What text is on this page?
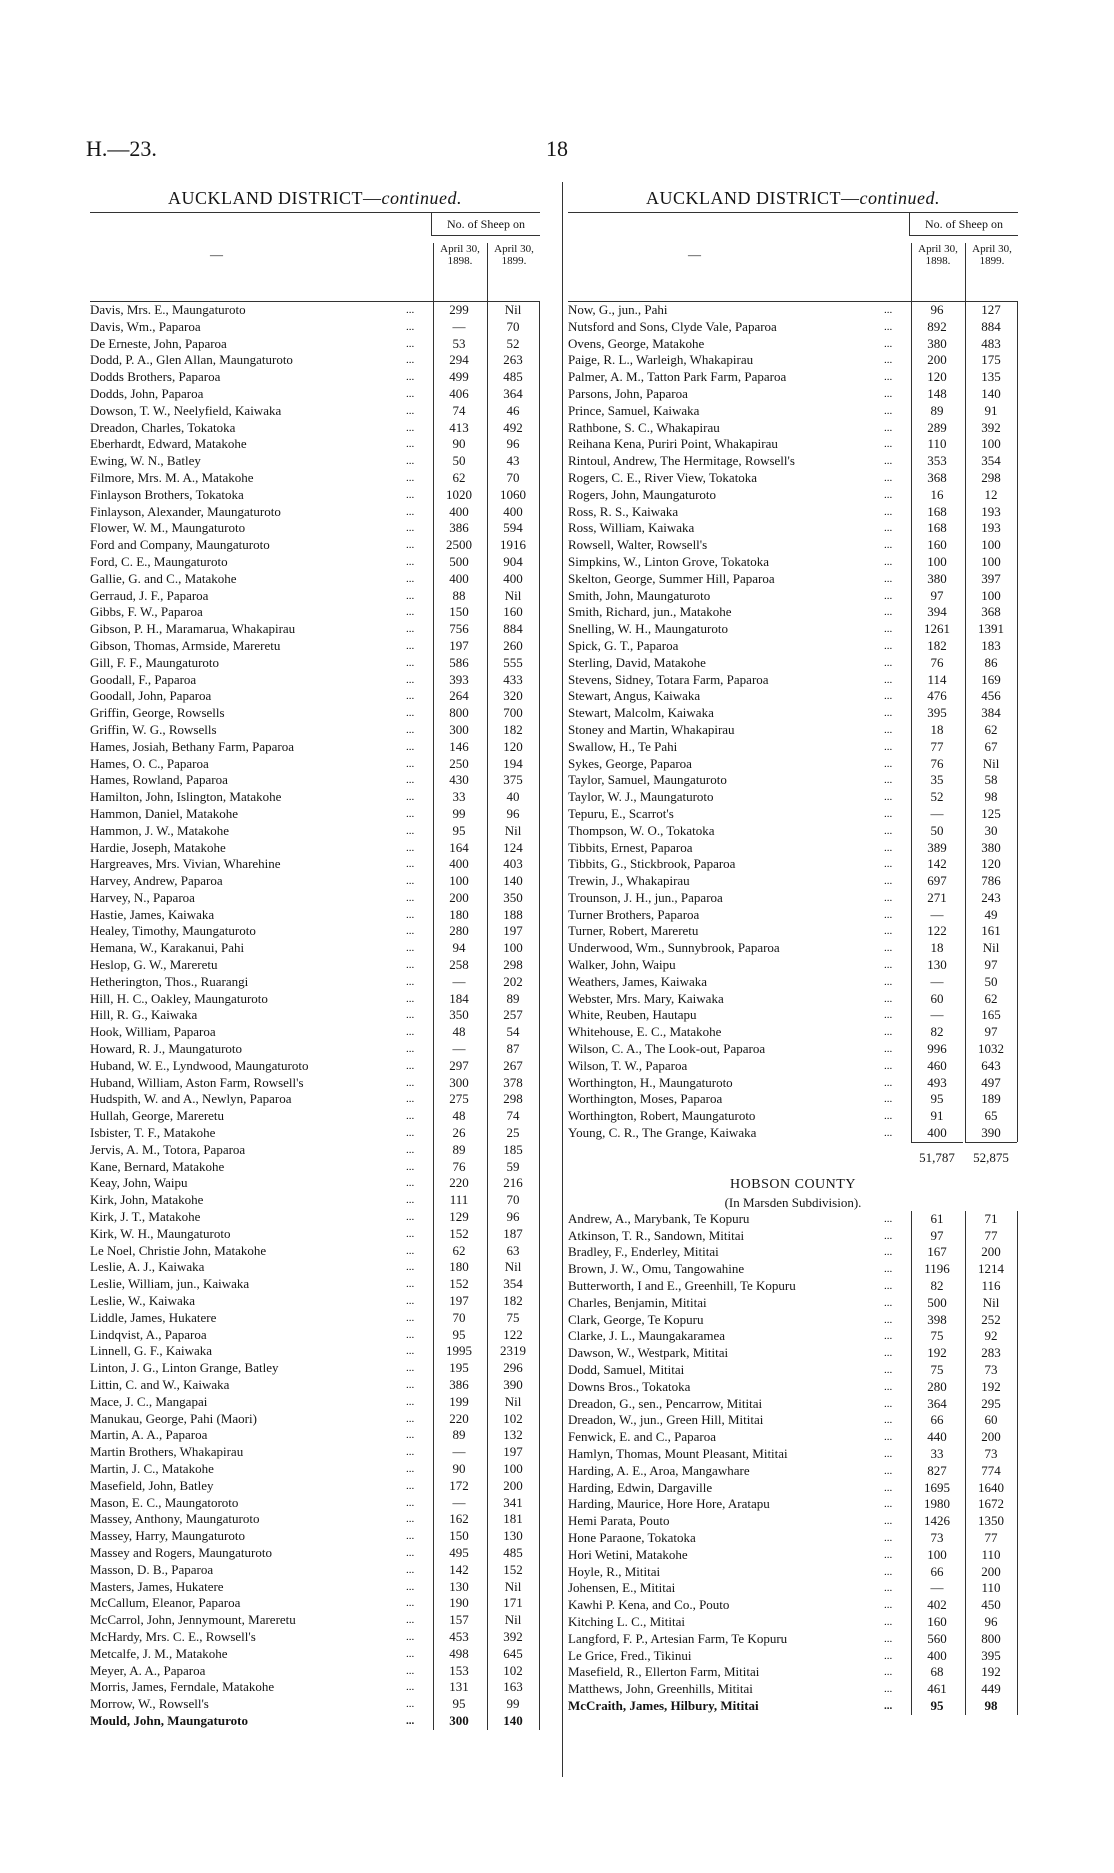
H.—23.	18
AUCKLAND DISTRICT—continued.
—
No. of Sheep on
April 30, 1898.
April 30, 1899.
Davis, Mrs. E., Maungaturoto	299	Nil
...
Davis, Wm., Paparoa	—	70
...
De Erneste, John, Paparoa	53	52
...
Dodd, P. A., Glen Allan, Maungaturoto	294	263
...
Dodds Brothers, Paparoa	499	485
...
Dodds, John, Paparoa	406	364
...
Dowson, T. W., Neelyfield, Kaiwaka	74	46
...
Dreadon, Charles, Tokatoka	413	492
...
Eberhardt, Edward, Matakohe	90	96
...
Ewing, W. N., Batley	50	43
...
Filmore, Mrs. M. A., Matakohe	62	70
...
Finlayson Brothers, Tokatoka	1020	1060
...
Finlayson, Alexander, Maungaturoto	400	400
...
Flower, W. M., Maungaturoto	386	594
...
Ford and Company, Maungaturoto	2500	1916
...
Ford, C. E., Maungaturoto	500	904
...
Gallie, G. and C., Matakohe	400	400
...
Gerraud, J. F., Paparoa	88	Nil
...
Gibbs, F. W., Paparoa	150	160
...
Gibson, P. H., Maramarua, Whakapirau	756	884
...
Gibson, Thomas, Armside, Mareretu	197	260
...
Gill, F. F., Maungaturoto	586	555
...
Goodall, F., Paparoa	393	433
...
Goodall, John, Paparoa	264	320
...
Griffin, George, Rowsells	800	700
...
Griffin, W. G., Rowsells	300	182
...
Hames, Josiah, Bethany Farm, Paparoa	146	120
...
Hames, O. C., Paparoa	250	194
...
Hames, Rowland, Paparoa	430	375
...
Hamilton, John, Islington, Matakohe	33	40
...
Hammon, Daniel, Matakohe	99	96
...
Hammon, J. W., Matakohe	95	Nil
...
Hardie, Joseph, Matakohe	164	124
...
Hargreaves, Mrs. Vivian, Wharehine	400	403
...
Harvey, Andrew, Paparoa	100	140
...
Harvey, N., Paparoa	200	350
...
Hastie, James, Kaiwaka	180	188
...
Healey, Timothy, Maungaturoto	280	197
...
Hemana, W., Karakanui, Pahi	94	100
...
Heslop, G. W., Mareretu	258	298
...
Hetherington, Thos., Ruarangi	—	202
...
Hill, H. C., Oakley, Maungaturoto	184	89
...
Hill, R. G., Kaiwaka	350	257
...
Hook, William, Paparoa	48	54
...
Howard, R. J., Maungaturoto	—	87
...
Huband, W. E., Lyndwood, Maungaturoto	297	267
...
Huband, William, Aston Farm, Rowsell's	300	378
...
Hudspith, W. and A., Newlyn, Paparoa	275	298
...
Hullah, George, Mareretu	48	74
...
Isbister, T. F., Matakohe	26	25
...
Jervis, A. M., Totora, Paparoa	89	185
...
Kane, Bernard, Matakohe	76	59
...
Keay, John, Waipu	220	216
...
Kirk, John, Matakohe	111	70
...
Kirk, J. T., Matakohe	129	96
...
Kirk, W. H., Maungaturoto	152	187
...
Le Noel, Christie John, Matakohe	62	63
...
Leslie, A. J., Kaiwaka	180	Nil
...
Leslie, William, jun., Kaiwaka	152	354
...
Leslie, W., Kaiwaka	197	182
...
Liddle, James, Hukatere	70	75
...
Lindqvist, A., Paparoa	95	122
...
Linnell, G. F., Kaiwaka	1995	2319
...
Linton, J. G., Linton Grange, Batley	195	296
...
Littin, C. and W., Kaiwaka	386	390
...
Mace, J. C., Mangapai	199	Nil
...
Manukau, George, Pahi (Maori)	220	102
...
Martin, A. A., Paparoa	89	132
...
Martin Brothers, Whakapirau	—	197
...
Martin, J. C., Matakohe	90	100
...
Masefield, John, Batley	172	200
...
Mason, E. C., Maungatoroto	—	341
...
Massey, Anthony, Maungaturoto	162	181
...
Massey, Harry, Maungaturoto	150	130
...
Massey and Rogers, Maungaturoto	495	485
...
Masson, D. B., Paparoa	142	152
...
Masters, James, Hukatere	130	Nil
...
McCallum, Eleanor, Paparoa	190	171
...
McCarrol, John, Jennymount, Mareretu	157	Nil
...
McHardy, Mrs. C. E., Rowsell's	453	392
...
Metcalfe, J. M., Matakohe	498	645
...
Meyer, A. A., Paparoa	153	102
...
Morris, James, Ferndale, Matakohe	131	163
...
Morrow, W., Rowsell's	95	99
...
Mould, John, Maungaturoto	300	140
...
AUCKLAND DISTRICT—continued.
—
No. of Sheep on
April 30, 1898.
April 30, 1899.
Now, G., jun., Pahi	96	127
...
Nutsford and Sons, Clyde Vale, Paparoa	892	884
...
Ovens, George, Matakohe	380	483
...
Paige, R. L., Warleigh, Whakapirau	200	175
...
Palmer, A. M., Tatton Park Farm, Paparoa	120	135
...
Parsons, John, Paparoa	148	140
...
Prince, Samuel, Kaiwaka	89	91
...
Rathbone, S. C., Whakapirau	289	392
...
Reihana Kena, Puriri Point, Whakapirau	110	100
...
Rintoul, Andrew, The Hermitage, Rowsell's	353	354
...
Rogers, C. E., River View, Tokatoka	368	298
...
Rogers, John, Maungaturoto	16	12
...
Ross, R. S., Kaiwaka	168	193
...
Ross, William, Kaiwaka	168	193
...
Rowsell, Walter, Rowsell's	160	100
...
Simpkins, W., Linton Grove, Tokatoka	100	100
...
Skelton, George, Summer Hill, Paparoa	380	397
...
Smith, John, Maungaturoto	97	100
...
Smith, Richard, jun., Matakohe	394	368
...
Snelling, W. H., Maungaturoto	1261	1391
...
Spick, G. T., Paparoa	182	183
...
Sterling, David, Matakohe	76	86
...
Stevens, Sidney, Totara Farm, Paparoa	114	169
...
Stewart, Angus, Kaiwaka	476	456
...
Stewart, Malcolm, Kaiwaka	395	384
...
Stoney and Martin, Whakapirau	18	62
...
Swallow, H., Te Pahi	77	67
...
Sykes, George, Paparoa	76	Nil
...
Taylor, Samuel, Maungaturoto	35	58
...
Taylor, W. J., Maungaturoto	52	98
...
Tepuru, E., Scarrot's	—	125
...
Thompson, W. O., Tokatoka	50	30
...
Tibbits, Ernest, Paparoa	389	380
...
Tibbits, G., Stickbrook, Paparoa	142	120
...
Trewin, J., Whakapirau	697	786
...
Trounson, J. H., jun., Paparoa	271	243
...
Turner Brothers, Paparoa	—	49
...
Turner, Robert, Mareretu	122	161
...
Underwood, Wm., Sunnybrook, Paparoa	18	Nil
...
Walker, John, Waipu	130	97
...
Weathers, James, Kaiwaka	—	50
...
Webster, Mrs. Mary, Kaiwaka	60	62
...
White, Reuben, Hautapu	—	165
...
Whitehouse, E. C., Matakohe	82	97
...
Wilson, C. A., The Look-out, Paparoa	996	1032
...
Wilson, T. W., Paparoa	460	643
...
Worthington, H., Maungaturoto	493	497
...
Worthington, Moses, Paparoa	95	189
...
Worthington, Robert, Maungaturoto	91	65
...
Young, C. R., The Grange, Kaiwaka	400	390
...
51,787	52,875
HOBSON COUNTY
(In Marsden Subdivision).
Andrew, A., Marybank, Te Kopuru	61	71
...
Atkinson, T. R., Sandown, Mititai	97	77
...
Bradley, F., Enderley, Mititai	167	200
...
Brown, J. W., Omu, Tangowahine	1196	1214
...
Butterworth, I and E., Greenhill, Te Kopuru	82	116
...
Charles, Benjamin, Mititai	500	Nil
...
Clark, George, Te Kopuru	398	252
...
Clarke, J. L., Maungakaramea	75	92
...
Dawson, W., Westpark, Mititai	192	283
...
Dodd, Samuel, Mititai	75	73
...
Downs Bros., Tokatoka	280	192
...
Dreadon, G., sen., Pencarrow, Mititai	364	295
...
Dreadon, W., jun., Green Hill, Mititai	66	60
...
Fenwick, E. and C., Paparoa	440	200
...
Hamlyn, Thomas, Mount Pleasant, Mititai	33	73
...
Harding, A. E., Aroa, Mangawhare	827	774
...
Harding, Edwin, Dargaville	1695	1640
...
Harding, Maurice, Hore Hore, Aratapu	1980	1672
...
Hemi Parata, Pouto	1426	1350
...
Hone Paraone, Tokatoka	73	77
...
Hori Wetini, Matakohe	100	110
...
Hoyle, R., Mititai	66	200
...
Johensen, E., Mititai	—	110
...
Kawhi P. Kena, and Co., Pouto	402	450
...
Kitching L. C., Mititai	160	96
...
Langford, F. P., Artesian Farm, Te Kopuru	560	800
...
Le Grice, Fred., Tikinui	400	395
...
Masefield, R., Ellerton Farm, Mititai	68	192
...
Matthews, John, Greenhills, Mititai	461	449
...
McCraith, James, Hilbury, Mititai	95	98
...
